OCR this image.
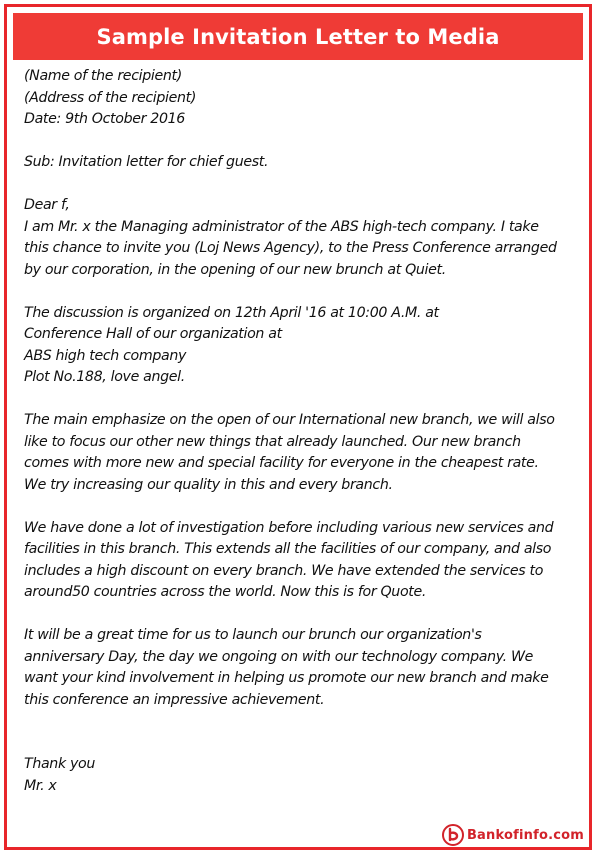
Sample Invitation Letter to Media
(Name of the recipient)
(Address of the recipient)
Date: 9th October 2016
Sub: Invitation letter for chief guest.
Dear f,
I am Mr. x the Managing administrator of the ABS high-tech company. I take
this chance to invite you (Loj News Agency), to the Press Conference arranged
by our corporation, in the opening of our new brunch at Quiet.
The discussion is organized on 12th April '16 at 10:00 A.M. at
Conference Hall of our organization at
ABS high tech company
Plot No.188, love angel.
The main emphasize on the open of our International new branch, we will also
like to focus our other new things that already launched. Our new branch
comes with more new and special facility for everyone in the cheapest rate.
We try increasing our quality in this and every branch.
We have done a lot of investigation before including various new services and
facilities in this branch. This extends all the facilities of our company, and also
includes a high discount on every branch. We have extended the services to
around50 countries across the world. Now this is for Quote.
It will be a great time for us to launch our brunch our organization's
anniversary Day, the day we ongoing on with our technology company. We
want your kind involvement in helping us promote our new branch and make
this conference an impressive achievement.
Thank you
Mr. x
Bankofinfo.com
